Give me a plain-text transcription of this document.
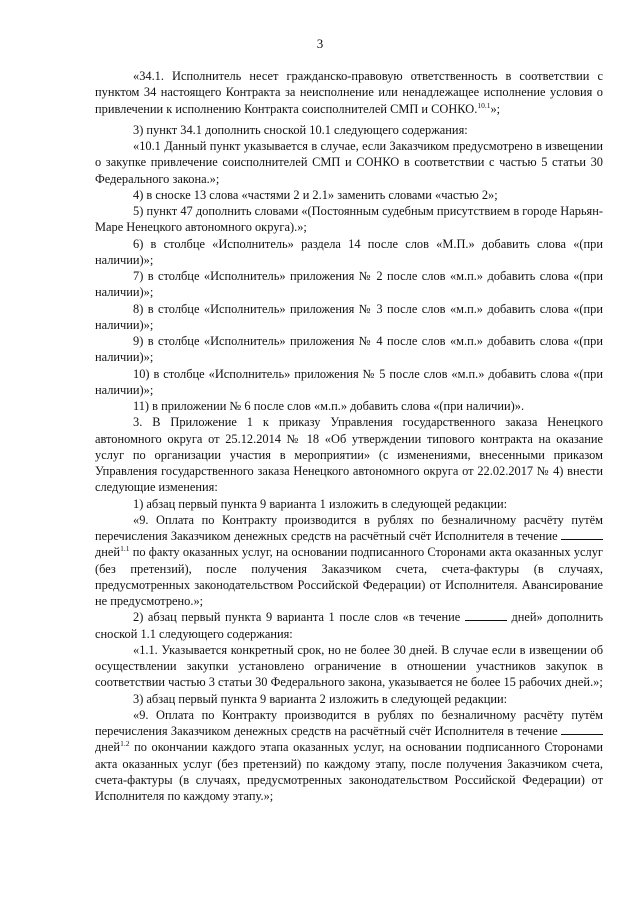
3

«34.1. Исполнитель несет гражданско-правовую ответственность в соответствии с пунктом 34 настоящего Контракта за неисполнение или ненадлежащее исполнение условия о привлечении к исполнению Контракта соисполнителей СМП и СОНКО.$^{10.1}$»;

3) пункт 34.1 дополнить сноской 10.1 следующего содержания:

«10.1 Данный пункт указывается в случае, если Заказчиком предусмотрено в извещении о закупке привлечение соисполнителей СМП и СОНКО в соответствии с частью 5 статьи 30 Федерального закона.»;

4) в сноске 13 слова «частями 2 и 2.1» заменить словами «частью 2»;

5) пункт 47 дополнить словами «(Постоянным судебным присутствием в городе Нарьян-Маре Ненецкого автономного округа).»;

6) в столбце «Исполнитель» раздела 14 после слов «М.П.» добавить слова «(при наличии)»;

7) в столбце «Исполнитель» приложения № 2 после слов «м.п.» добавить слова «(при наличии)»;

8) в столбце «Исполнитель» приложения № 3 после слов «м.п.» добавить слова «(при наличии)»;

9) в столбце «Исполнитель» приложения № 4 после слов «м.п.» добавить слова «(при наличии)»;

10) в столбце «Исполнитель» приложения № 5 после слов «м.п.» добавить слова «(при наличии)»;

11) в приложении № 6 после слов «м.п.» добавить слова «(при наличии)».

3. В Приложение 1 к приказу Управления государственного заказа Ненецкого автономного округа от 25.12.2014 № 18 «Об утверждении типового контракта на оказание услуг по организации участия в мероприятии» (с изменениями, внесенными приказом Управления государственного заказа Ненецкого автономного округа от 22.02.2017 № 4) внести следующие изменения:

1) абзац первый пункта 9 варианта 1 изложить в следующей редакции:

«9. Оплата по Контракту производится в рублях по безналичному расчёту путём перечисления Заказчиком денежных средств на расчётный счёт Исполнителя в течение  дней$^{1.1}$ по факту оказанных услуг, на основании подписанного Сторонами акта оказанных услуг (без претензий), после получения Заказчиком счета, счета-фактуры (в случаях, предусмотренных законодательством Российской Федерации) от Исполнителя. Авансирование не предусмотрено.»;

2) абзац первый пункта 9 варианта 1 после слов «в течение	дней» дополнить сноской 1.1 следующего содержания:

«1.1. Указывается конкретный срок, но не более 30 дней. В случае если в извещении об осуществлении закупки установлено ограничение в отношении участников закупок в соответствии частью 3 статьи 30 Федерального закона, указывается не более 15 рабочих дней.»;

3) абзац первый пункта 9 варианта 2 изложить в следующей редакции:

«9. Оплата по Контракту производится в рублях по безналичному расчёту путём перечисления Заказчиком денежных средств на расчётный счёт Исполнителя в течение  дней$^{1.2}$ по окончании каждого этапа оказанных услуг, на основании подписанного Сторонами акта оказанных услуг (без претензий) по каждому этапу, после получения Заказчиком счета, счета-фактуры (в случаях, предусмотренных законодательством Российской Федерации) от Исполнителя по каждому этапу.»;
